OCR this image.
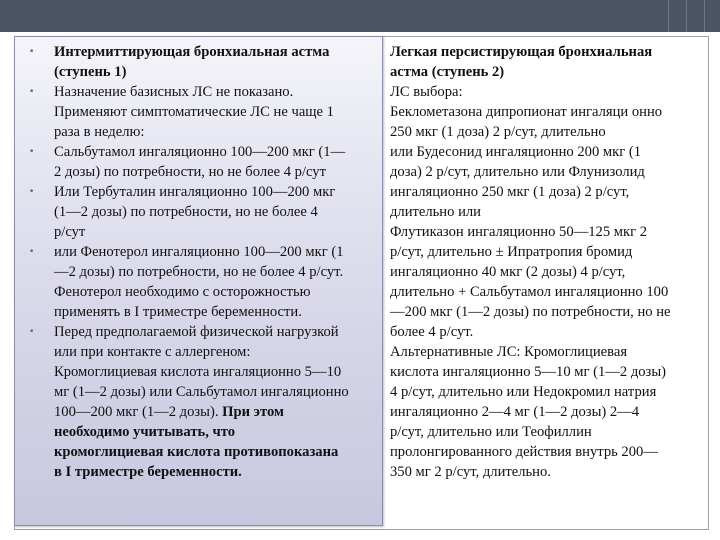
•	Интермиттирующая бронхиальная астма
(ступень 1)
•	Назначение базисных ЛС не показано.
Применяют симптоматические ЛС не чаще 1
раза в неделю:
•	Сальбутамол ингаляционно 100—200 мкг (1—
2 дозы) по потребности, но не более 4 р/сут
•	Или Тербуталин ингаляционно 100—200 мкг
(1—2 дозы) по потребности, но не более 4
р/сут
•	или Фенотерол ингаляционно 100—200 мкг (1
—2 дозы) по потребности, но не более 4 р/сут.
Фенотерол необходимо с осторожностью
применять в I триместре беременности.
•	Перед предполагаемой физической нагрузкой
или при контакте с аллергеном:
Кромоглициевая кислота ингаляционно 5—10
мг (1—2 дозы) или Сальбутамол ингаляционно
100—200 мкг (1—2 дозы). При этом
необходимо учитывать, что
кромоглициевая кислота противопоказана
в I триместре беременности.

Легкая персистирующая бронхиальная

астма (ступень 2)

ЛС выбора:

Беклометазона дипропионат ингаляци онно

250 мкг (1 доза) 2 р/сут, длительно

или Будесонид ингаляционно 200 мкг (1

доза) 2 р/сут, длительно или Флунизолид

ингаляционно 250 мкг (1 доза) 2 р/сут,

длительно или

Флутиказон ингаляционно 50—125 мкг 2

р/сут, длительно ± Ипратропия бромид

ингаляционно 40 мкг (2 дозы) 4 р/сут,

длительно + Сальбутамол ингаляционно 100

—200 мкг (1—2 дозы) по потребности, но не

более 4 р/сут.

Альтернативные ЛС: Кромоглициевая

кислота ингаляционно 5—10 мг (1—2 дозы)

4 р/сут, длительно или Недокромил натрия

ингаляционно 2—4 мг (1—2 дозы) 2—4

р/сут, длительно или Теофиллин

пролонгированного действия внутрь 200—

350 мг 2 р/сут, длительно.
